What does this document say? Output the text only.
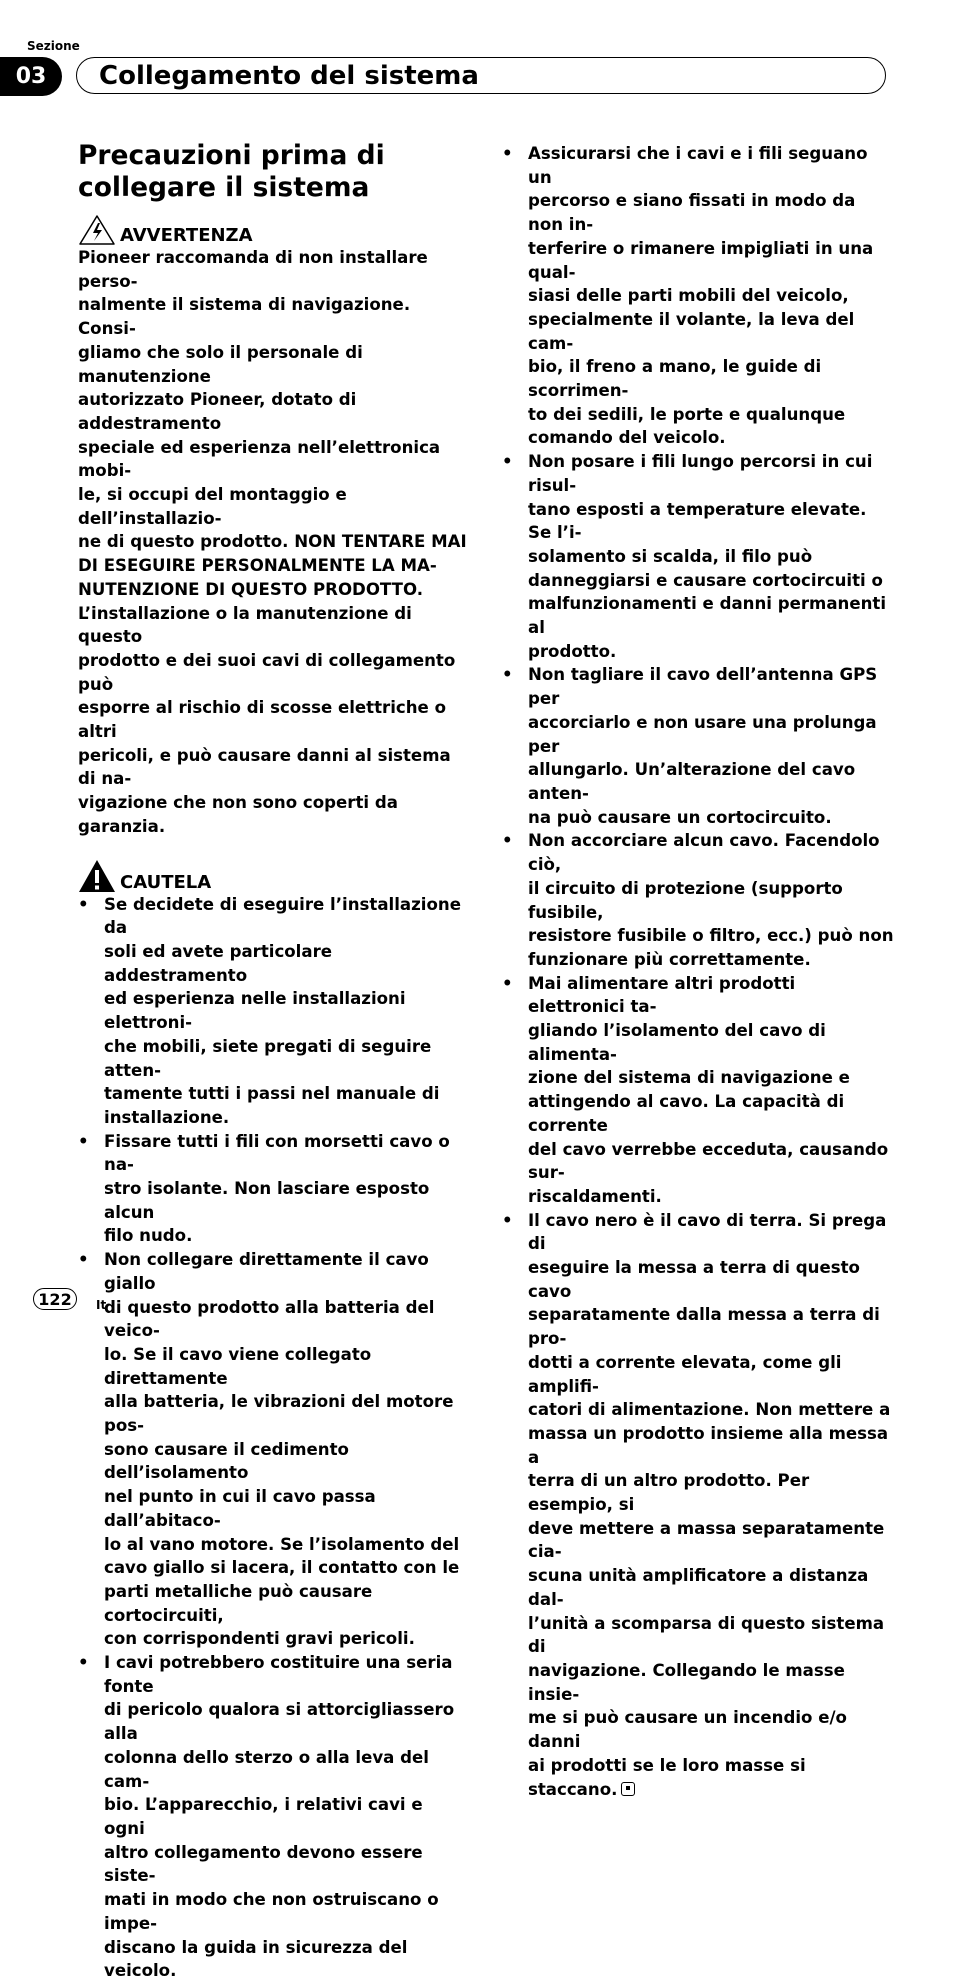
Sezione
03	Collegamento del sistema
Precauzioni prima di
collegare il sistema
AVVERTENZA
Pioneer raccomanda di non installare perso-
nalmente il sistema di navigazione. Consi-
gliamo che solo il personale di manutenzione
autorizzato Pioneer, dotato di addestramento
speciale ed esperienza nell’elettronica mobi-
le, si occupi del montaggio e dell’installazio-
ne di questo prodotto. NON TENTARE MAI
DI ESEGUIRE PERSONALMENTE LA MA-
NUTENZIONE DI QUESTO PRODOTTO.
L’installazione o la manutenzione di questo
prodotto e dei suoi cavi di collegamento può
esporre al rischio di scosse elettriche o altri
pericoli, e può causare danni al sistema di na-
vigazione che non sono coperti da garanzia.
CAUTELA
• Se decidete di eseguire l’installazione da
soli ed avete particolare addestramento
ed esperienza nelle installazioni elettroni-
che mobili, siete pregati di seguire atten-
tamente tutti i passi nel manuale di
installazione.
• Fissare tutti i fili con morsetti cavo o na-
stro isolante. Non lasciare esposto alcun
filo nudo.
• Non collegare direttamente il cavo giallo
di questo prodotto alla batteria del veico-
lo. Se il cavo viene collegato direttamente
alla batteria, le vibrazioni del motore pos-
sono causare il cedimento dell’isolamento
nel punto in cui il cavo passa dall’abitaco-
lo al vano motore. Se l’isolamento del
cavo giallo si lacera, il contatto con le
parti metalliche può causare cortocircuiti,
con corrispondenti gravi pericoli.
• I cavi potrebbero costituire una seria fonte
di pericolo qualora si attorcigliassero alla
colonna dello sterzo o alla leva del cam-
bio. L’apparecchio, i relativi cavi e ogni
altro collegamento devono essere siste-
mati in modo che non ostruiscano o impe-
discano la guida in sicurezza del veicolo.
• Assicurarsi che i cavi e i fili seguano un
percorso e siano fissati in modo da non in-
terferire o rimanere impigliati in una qual-
siasi delle parti mobili del veicolo,
specialmente il volante, la leva del cam-
bio, il freno a mano, le guide di scorrimen-
to dei sedili, le porte e qualunque
comando del veicolo.
• Non posare i fili lungo percorsi in cui risul-
tano esposti a temperature elevate. Se l’i-
solamento si scalda, il filo può
danneggiarsi e causare cortocircuiti o
malfunzionamenti e danni permanenti al
prodotto.
• Non tagliare il cavo dell’antenna GPS per
accorciarlo e non usare una prolunga per
allungarlo. Un’alterazione del cavo anten-
na può causare un cortocircuito.
• Non accorciare alcun cavo. Facendolo ciò,
il circuito di protezione (supporto fusibile,
resistore fusibile o filtro, ecc.) può non
funzionare più correttamente.
• Mai alimentare altri prodotti elettronici ta-
gliando l’isolamento del cavo di alimenta-
zione del sistema di navigazione e
attingendo al cavo. La capacità di corrente
del cavo verrebbe ecceduta, causando sur-
riscaldamenti.
• Il cavo nero è il cavo di terra. Si prega di
eseguire la messa a terra di questo cavo
separatamente dalla messa a terra di pro-
dotti a corrente elevata, come gli amplifi-
catori di alimentazione. Non mettere a
massa un prodotto insieme alla messa a
terra di un altro prodotto. Per esempio, si
deve mettere a massa separatamente cia-
scuna unità amplificatore a distanza dal-
l’unità a scomparsa di questo sistema di
navigazione. Collegando le masse insie-
me si può causare un incendio e/o danni
ai prodotti se le loro masse si staccano.
122	It
